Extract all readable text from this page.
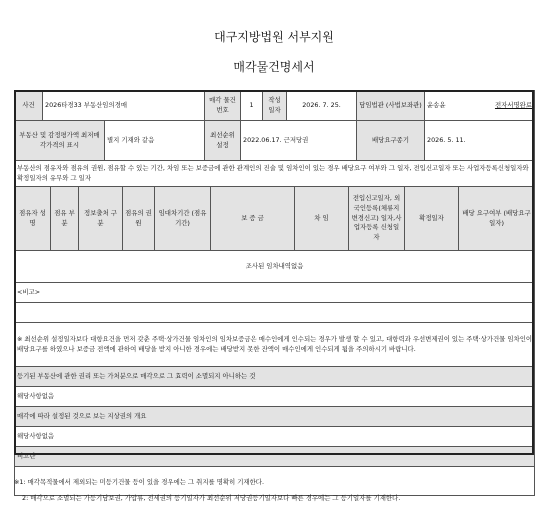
대구지방법원 서부지원
매각물건명세서
사건	2026타경33 부동산임의경매	매각 물건번호	1	작성 일자	2026. 7. 25.	담임법관 (사법보좌관)	윤송윤	전자서명완료
부동산 및 감정평가액 최저매각가격의 표시	별지 기재와 같음	최선순위 설정	2022.06.17. 근저당권	배당요구종기	2026. 5. 11.
부동산의 점유자와 점유의 권원, 점유할 수 있는 기간, 차임 또는 보증금에 관한 관계인의 진술 및 임차인이 있는 경우 배당요구 여부와 그 일자, 전입신고일자 또는 사업자등록신청일자와 확정일자의 유무와 그 일자
점유자 성 명	점유 부분	정보출처 구 분	점유의 권 원	임대차기간 (점유기간)	보 증 금	차 임	전입신고일자, 외국인등록(체류지변경신고) 일자,사업자등록 신청일자	확정일자	배당 요구여부 (배당요구일자)
조사된 임차내역없음
<비고>

※ 최선순위 설정일자보다 대항요건을 먼저 갖춘 주택·상가건물 임차인의 임차보증금은 매수인에게 인수되는 경우가 발생 할 수 있고, 대항력과 우선변제권이 있는 주택·상가건물 임차인이 배당요구를 하였으나 보증금 전액에 관하여 배당을 받지 아니한 경우에는 배당받지 못한 잔액이 매수인에게 인수되게 됨을 주의하시기 바랍니다.
등기된 부동산에 관한 권리 또는 가처분으로 매각으로 그 효력이 소멸되지 아니하는 것
해당사항없음
매각에 따라 설정된 것으로 보는 지상권의 개요
해당사항없음
비고란

※1: 매각목적물에서 제외되는 미등기건물 등이 있을 경우에는 그 취지를 명확히 기재한다.
2: 매각으로 소멸되는 가등기담보권, 가압류, 전세권의 등기일자가 최선순위 저당권등기일자보다 빠른 경우에는 그 등기일자를 기재한다.
